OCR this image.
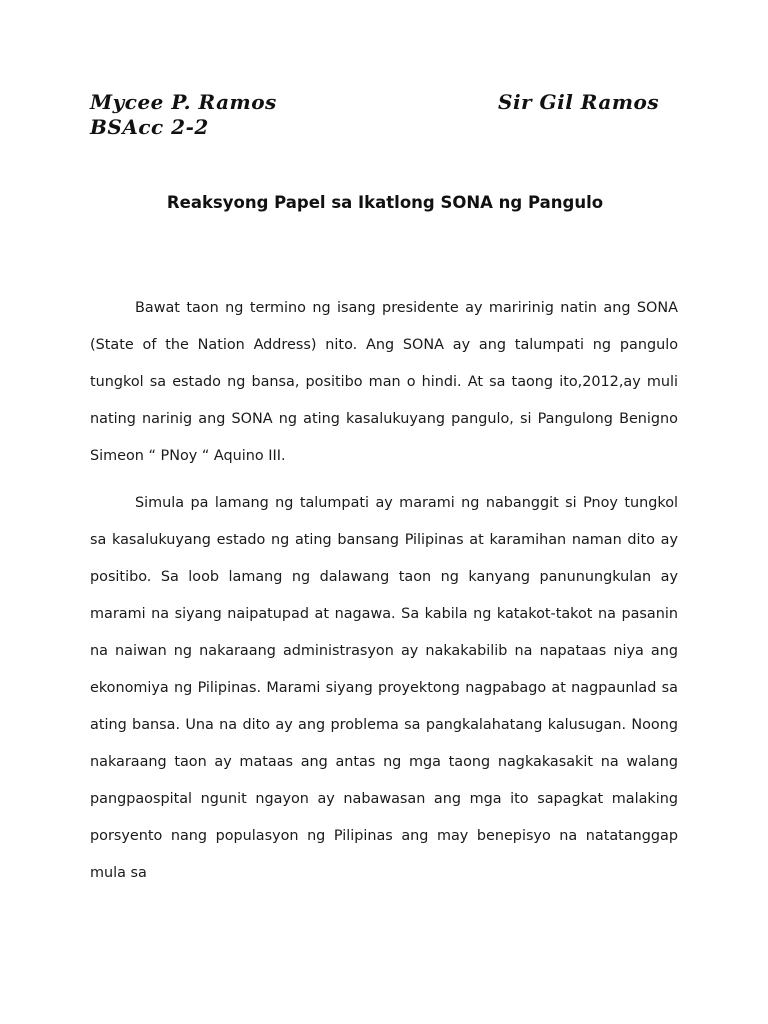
Mycee P. Ramos	Sir Gil Ramos
BSAcc 2-2
Reaksyong Papel sa Ikatlong SONA ng Pangulo

Bawat taon ng termino ng isang presidente ay maririnig natin ang SONA (State of the Nation Address) nito. Ang SONA ay ang talumpati ng pangulo tungkol sa estado ng bansa, positibo man o hindi. At sa taong ito,2012,ay muli nating narinig ang SONA ng ating kasalukuyang pangulo, si Pangulong Benigno Simeon “ PNoy “ Aquino III.

Simula pa lamang ng talumpati ay marami ng nabanggit si Pnoy tungkol sa kasalukuyang estado ng ating bansang Pilipinas at karamihan naman dito ay positibo. Sa loob lamang ng dalawang taon ng kanyang panunungkulan ay marami na siyang naipatupad at nagawa. Sa kabila ng katakot-takot na pasanin na naiwan ng nakaraang administrasyon ay nakakabilib na napataas niya ang ekonomiya ng Pilipinas. Marami siyang proyektong nagpabago at nagpaunlad sa ating bansa. Una na dito ay ang problema sa pangkalahatang kalusugan. Noong nakaraang taon ay mataas ang antas ng mga taong nagkakasakit na walang pangpaospital ngunit ngayon ay nabawasan ang mga ito sapagkat malaking porsyento nang populasyon ng Pilipinas ang may benepisyo na natatanggap mula sa
